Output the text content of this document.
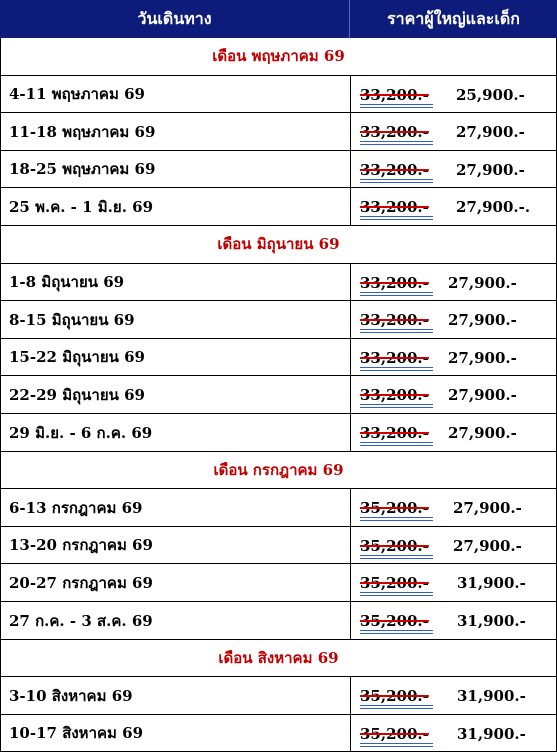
วันเดินทาง	ราคาผู้ใหญ่และเด็ก
เดือน พฤษภาคม 69
4-11 พฤษภาคม 69	33,200.- 25,900.-
11-18 พฤษภาคม 69	33,200.- 27,900.-
18-25 พฤษภาคม 69	33,200.- 27,900.-
25 พ.ค. - 1 มิ.ย. 69	33,200.- 27,900.-.
เดือน มิถุนายน 69
1-8 มิถุนายน 69	33,200.- 27,900.-
8-15 มิถุนายน 69	33,200.- 27,900.-
15-22 มิถุนายน 69	33,200.- 27,900.-
22-29 มิถุนายน 69	33,200.- 27,900.-
29 มิ.ย. - 6 ก.ค. 69	33,200.- 27,900.-
เดือน กรกฎาคม 69
6-13 กรกฎาคม 69	35,200.- 27,900.-
13-20 กรกฎาคม 69	35,200.- 27,900.-
20-27 กรกฎาคม 69	35,200.- 31,900.-
27 ก.ค. - 3 ส.ค. 69	35,200.- 31,900.-
เดือน สิงหาคม 69
3-10 สิงหาคม 69	35,200.- 31,900.-
10-17 สิงหาคม 69	35,200.- 31,900.-
